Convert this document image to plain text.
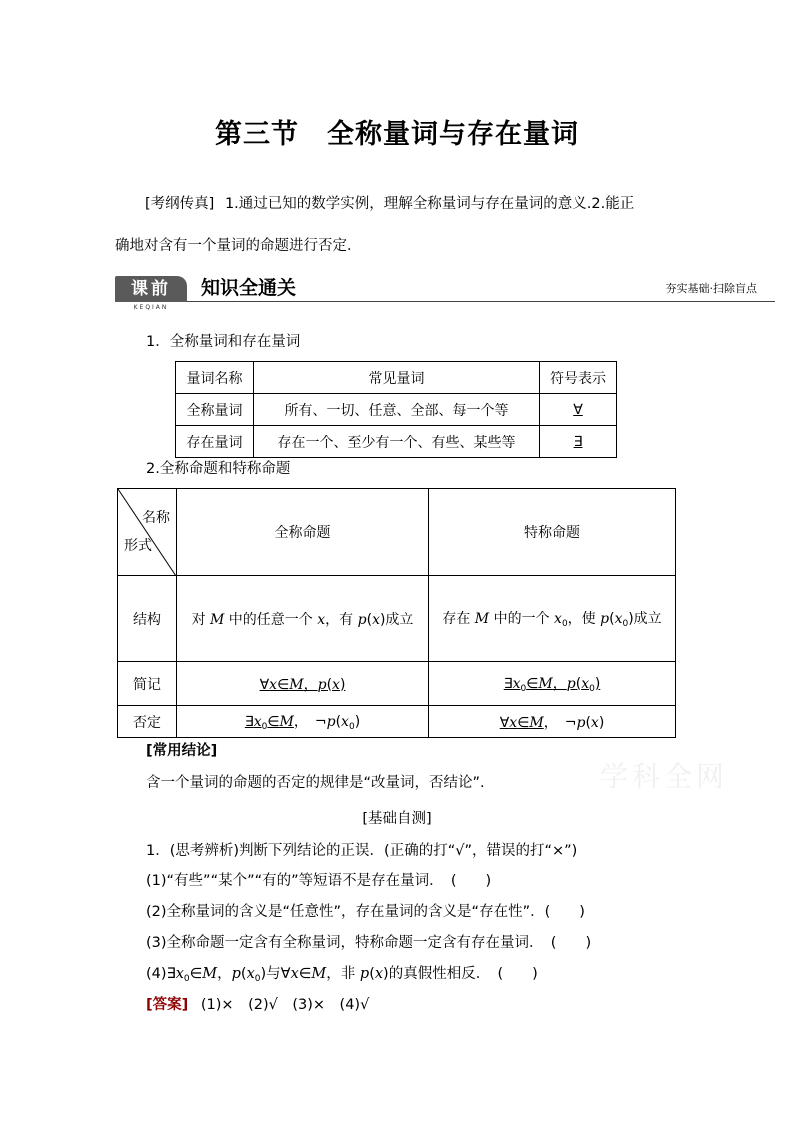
第三节　全称量词与存在量词
[考纲传真] 1.通过已知的数学实例，理解全称量词与存在量词的意义.2.能正
确地对含有一个量词的命题进行否定．
课前
KEQIAN
知识全通关	夯实基础·扫除盲点
1．全称量词和存在量词
量词名称	常见量词	符号表示
全称量词	所有、一切、任意、全部、每一个等	∀
存在量词	存在一个、至少有一个、有些、某些等	∃
2.全称命题和特称命题
名称
形式	全称命题	特称命题
结构	对 M 中的任意一个 x，有 p(x)成立	存在 M 中的一个 $x_0$，使 $p(x_0)$成立
简记	∀x∈M，p(x)	$\exists x_0\in M$，$p(x_0)$
否定	$\exists x_0\in M$，　$\neg p(x_0)$	∀x∈M，　¬p(x)
[常用结论]
含一个量词的命题的否定的规律是“改量词，否结论”.	学科全网
[基础自测]
1．(思考辨析)判断下列结论的正误．(正确的打“√”，错误的打“×”)
(1)“有些”“某个”“有的”等短语不是存在量词．　(　　)
(2)全称量词的含义是“任意性”，存在量词的含义是“存在性”．(　　)
(3)全称命题一定含有全称量词，特称命题一定含有存在量词．　(　　)
$(4)\exists x_0\in M$，$p(x_0)$与∀x∈M，非 p(x)的真假性相反．　(　　)
[答案] (1)×　(2)√　(3)×　(4)√
